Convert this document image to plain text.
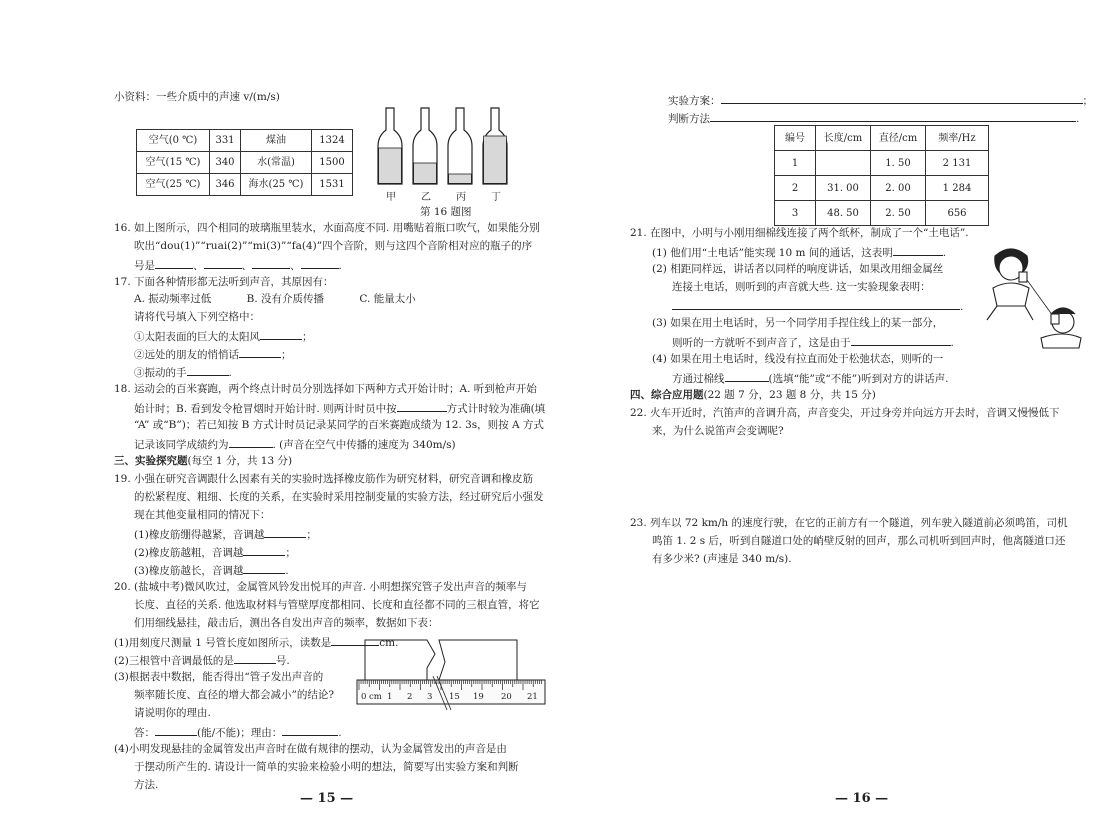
小资料：一些介质中的声速 v/(m/s)
空气(0 ℃)	331	煤油	1324
空气(15 ℃)	340	水(常温)	1500
空气(25 ℃)	346	海水(25 ℃)	1531
甲	乙	丙	丁
第 16 题图
16. 如上图所示，四个相同的玻璃瓶里装水，水面高度不同. 用嘴贴着瓶口吹气，如果能分别
吹出“dou(1)”“ruai(2)”“mi(3)”“fa(4)”四个音阶，则与这四个音阶相对应的瓶子的序
号是	、	、	、	.
17. 下面各种情形都无法听到声音，其原因有：
A. 振动频率过低	B. 没有介质传播	C. 能量太小
请将代号填入下列空格中：
①太阳表面的巨大的太阳风	；
②远处的朋友的悄悄话	；
③振动的手	.
18. 运动会的百米赛跑，两个终点计时员分别选择如下两种方式开始计时；A. 听到枪声开始
始计时；B. 看到发令枪冒烟时开始计时. 则两计时员中按	方式计时较为准确(填
“A” 或“B”)；若已知按 B 方式计时员记录某同学的百米赛跑成绩为 12. 3s，则按 A 方式
记录该同学成绩约为	. (声音在空气中传播的速度为 340m/s)
三、实验探究题(每空 1 分，共 13 分)
19. 小强在研究音调跟什么因素有关的实验时选择橡皮筋作为研究材料，研究音调和橡皮筋
的松紧程度、粗细、长度的关系，在实验时采用控制变量的实验方法，经过研究后小强发
现在其他变量相同的情况下：
(1)橡皮筋绷得越紧，音调越	；
(2)橡皮筋越粗，音调越	；
(3)橡皮筋越长，音调越	.
20. (盐城中考)微风吹过，金属管风铃发出悦耳的声音. 小明想探究管子发出声音的频率与
长度、直径的关系. 他选取材料与管壁厚度都相同、长度和直径都不同的三根直管，将它
们用细线悬挂，敲击后，测出各自发出声音的频率，数据如下表：
(1)用刻度尺测量 1 号管长度如图所示，读数是	cm.
(2)三根管中音调最低的是	号.
(3)根据表中数据，能否得出“管子发出声音的
频率随长度、直径的增大都会减小”的结论?
请说明你的理由.
答：	(能/不能)；理由：	.
(4)小明发现悬挂的金属管发出声音时在做有规律的摆动，认为金属管发出的声音是由
于摆动所产生的. 请设计一简单的实验来检验小明的想法，简要写出实验方案和判断
方法.
0 cm 1 2 3 15 19 20 21
— 15 —
实验方案：	；
判断方法	.
编号	长度/cm	直径/cm	频率/Hz
1		1. 50	2 131
2	31. 00	2. 00	1 284
3	48. 50	2. 50	656
21. 在图中，小明与小刚用细棉线连接了两个纸杯，制成了一个“土电话”.
(1) 他们用“土电话”能实现 10 m 间的通话，这表明	.
(2) 相距同样远，讲话者以同样的响度讲话，如果改用细金属丝
连接土电话，则听到的声音就大些. 这一实验现象表明：
.
(3) 如果在用土电话时，另一个同学用手捏住线上的某一部分，
则听的一方就听不到声音了，这是由于	.
(4) 如果在用土电话时，线没有拉直而处于松弛状态，则听的一
方通过棉线	(选填“能”或“不能”)听到对方的讲话声.
四、综合应用题(22 题 7 分，23 题 8 分，共 15 分)
22. 火车开近时，汽笛声的音调升高，声音变尖，开过身旁并向远方开去时，音调又慢慢低下
来，为什么说笛声会变调呢?
23. 列车以 72 km/h 的速度行驶，在它的正前方有一个隧道，列车驶入隧道前必须鸣笛，司机
鸣笛 1. 2 s 后，听到自隧道口处的峭壁反射的回声，那么司机听到回声时，他离隧道口还
有多少米? (声速是 340 m/s).
— 16 —
